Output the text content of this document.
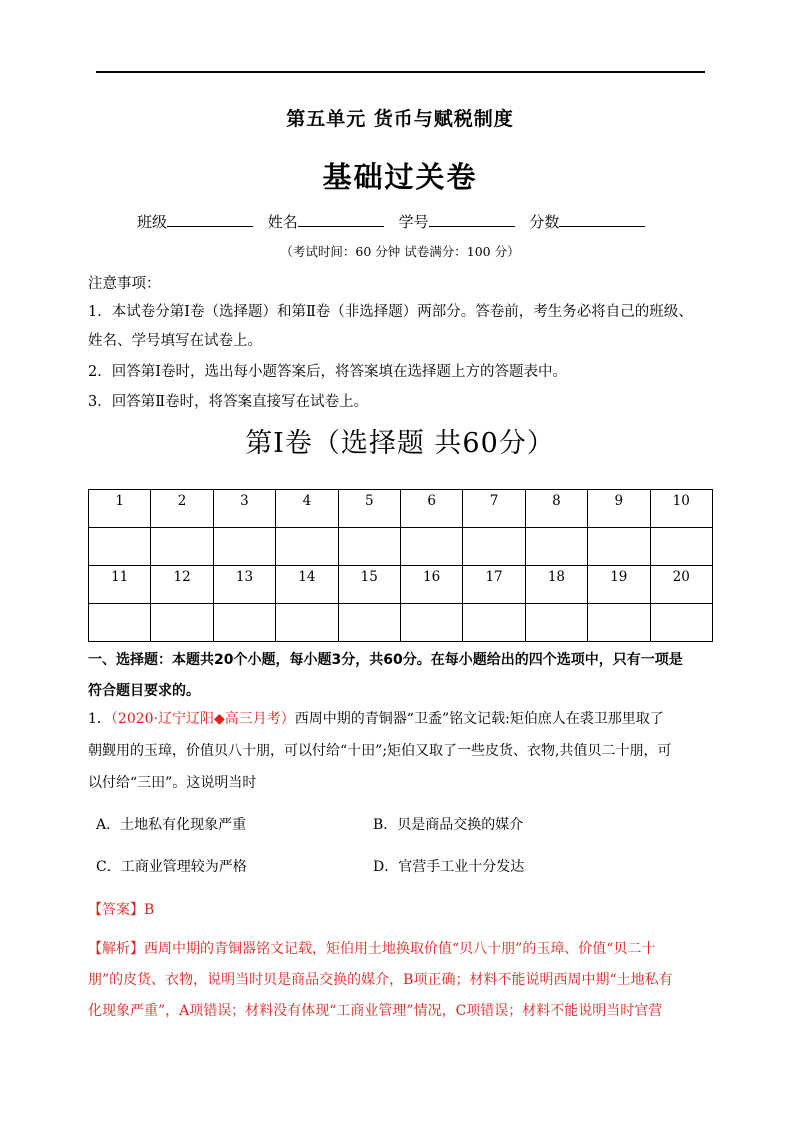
第五单元 货币与赋税制度
基础过关卷
班级	姓名	学号	分数
（考试时间：60 分钟 试卷满分：100 分）
注意事项：
1．本试卷分第Ⅰ卷（选择题）和第Ⅱ卷（非选择题）两部分。答卷前，考生务必将自己的班级、
姓名、学号填写在试卷上。
2．回答第Ⅰ卷时，选出每小题答案后，将答案填在选择题上方的答题表中。
3．回答第Ⅱ卷时，将答案直接写在试卷上。
第Ⅰ卷（选择题 共60分）
1	2	3	4	5	6	7	8	9	10

11	12	13	14	15	16	17	18	19	20

一、选择题：本题共20个小题，每小题3分，共60分。在每小题给出的四个选项中，只有一项是
符合题目要求的。
1．（2020·辽宁辽阳◆高三月考）西周中期的青铜器“卫盉”铭文记载:矩伯庶人在裘卫那里取了
朝觐用的玉璋，价值贝八十朋，可以付给“十田”;矩伯又取了一些皮货、衣物,共值贝二十朋，可
以付给“三田”。这说明当时
A．土地私有化现象严重	B．贝是商品交换的媒介
C．工商业管理较为严格	D．官营手工业十分发达
【答案】B
【解析】西周中期的青铜器铭文记载，矩伯用土地换取价值“贝八十朋”的玉璋、价值“贝二十
朋”的皮货、衣物，说明当时贝是商品交换的媒介，B项正确；材料不能说明西周中期“土地私有
化现象严重”，A项错误；材料没有体现“工商业管理”情况，C项错误；材料不能说明当时官营
